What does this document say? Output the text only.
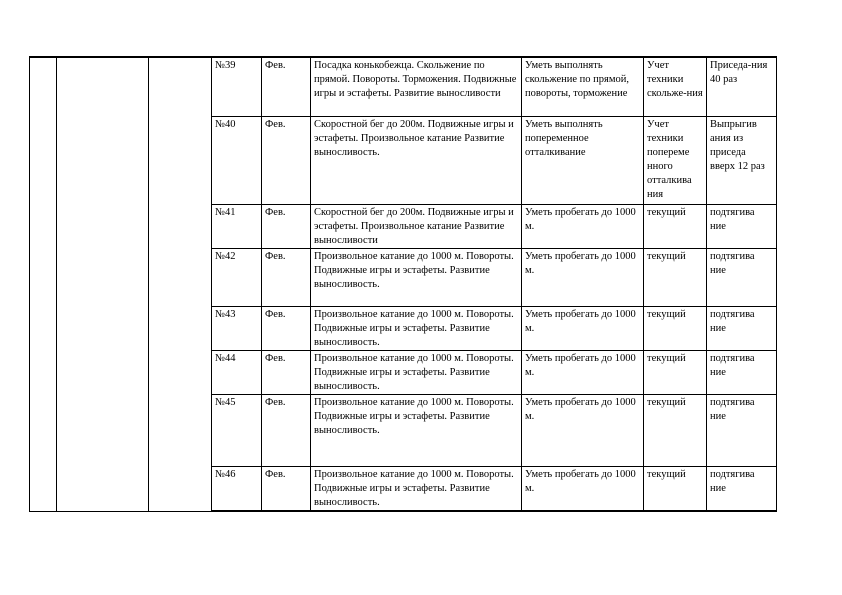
			№39	Фев.	Посадка конькобежца. Скольжение по прямой. Повороты. Торможения. Подвижные игры и эстафеты. Развитие выносливости	Уметь выполнять скольжение по прямой, повороты, торможение	Учет техники скольже-ния	Приседа-ния 40 раз
			№40	Фев.	Скоростной бег до 200м. Подвижные игры и эстафеты. Произвольное катание Развитие выносливость.	Уметь выполнять попеременное отталкивание	Учет техники попереме нного отталкива ния	Выпрыгив ания из приседа вверх 12 раз
			№41	Фев.	Скоростной бег до 200м. Подвижные игры и эстафеты. Произвольное катание Развитие выносливости	Уметь пробегать до 1000 м.	текущий	подтягива ние
			№42	Фев.	Произвольное катание до 1000 м. Повороты. Подвижные игры и эстафеты. Развитие выносливость.	Уметь пробегать до 1000 м.	текущий	подтягива ние
			№43	Фев.	Произвольное катание до 1000 м. Повороты. Подвижные игры и эстафеты. Развитие выносливость.	Уметь пробегать до 1000 м.	текущий	подтягива ние
			№44	Фев.	Произвольное катание до 1000 м. Повороты. Подвижные игры и эстафеты. Развитие выносливость.	Уметь пробегать до 1000 м.	текущий	подтягива ние
			№45	Фев.	Произвольное катание до 1000 м. Повороты. Подвижные игры и эстафеты. Развитие выносливость.	Уметь пробегать до 1000 м.	текущий	подтягива ние
			№46	Фев.	Произвольное катание до 1000 м. Повороты. Подвижные игры и эстафеты. Развитие выносливость.	Уметь пробегать до 1000 м.	текущий	подтягива ние
